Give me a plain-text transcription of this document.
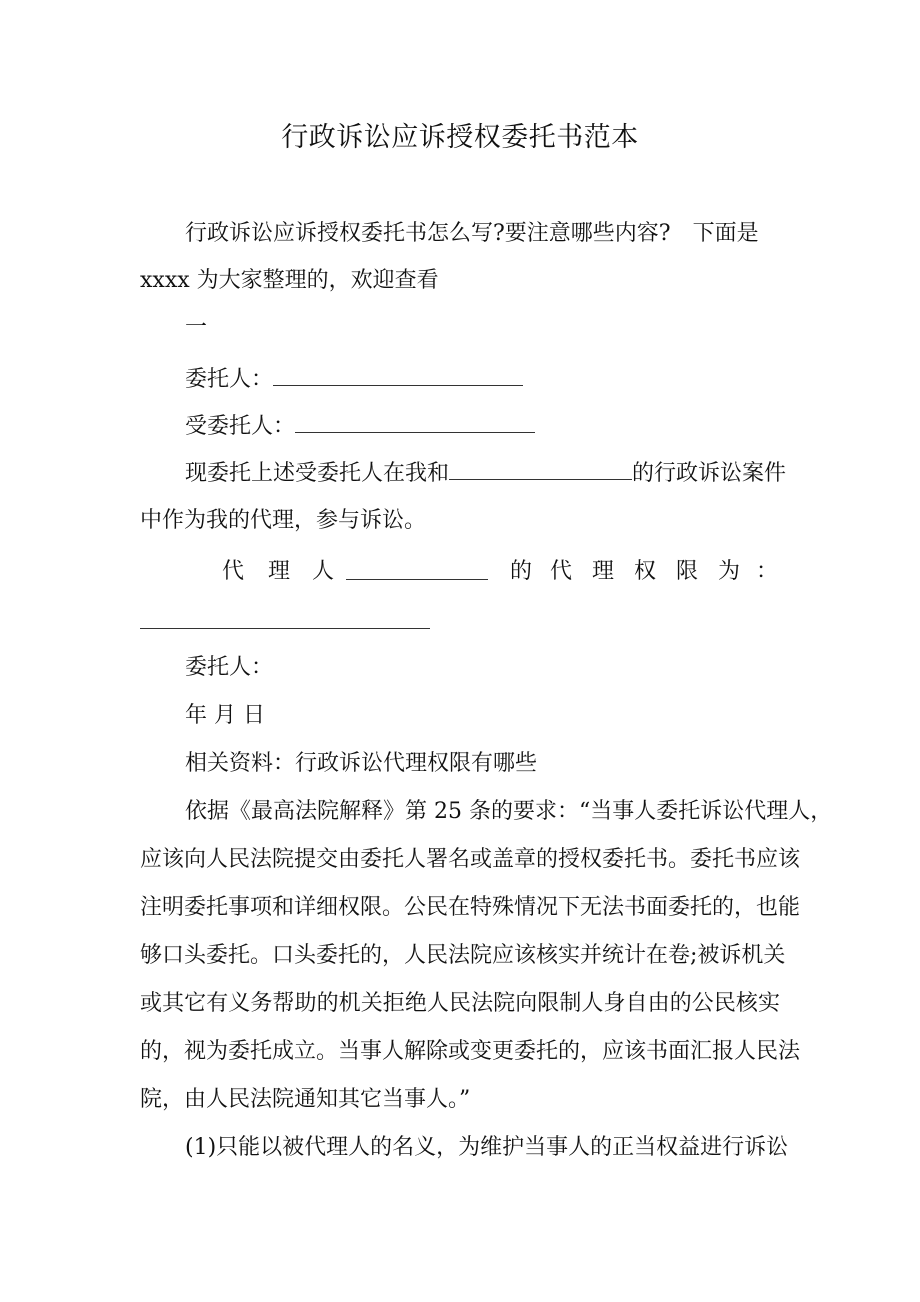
行政诉讼应诉授权委托书范本
行政诉讼应诉授权委托书怎么写?要注意哪些内容?　下面是
xxxx 为大家整理的，欢迎查看
一
委托人：
受委托人：
现委托上述受委托人在我和	的行政诉讼案件
中作为我的代理，参与诉讼。
代 理 人	的 代 理 权 限 为 ：
委托人：
年 月 日
相关资料：行政诉讼代理权限有哪些
依据《最高法院解释》第 25 条的要求：“当事人委托诉讼代理人，
应该向人民法院提交由委托人署名或盖章的授权委托书。委托书应该
注明委托事项和详细权限。公民在特殊情况下无法书面委托的，也能
够口头委托。口头委托的，人民法院应该核实并统计在卷;被诉机关
或其它有义务帮助的机关拒绝人民法院向限制人身自由的公民核实
的，视为委托成立。当事人解除或变更委托的，应该书面汇报人民法
院，由人民法院通知其它当事人。”
(1)只能以被代理人的名义，为维护当事人的正当权益进行诉讼
